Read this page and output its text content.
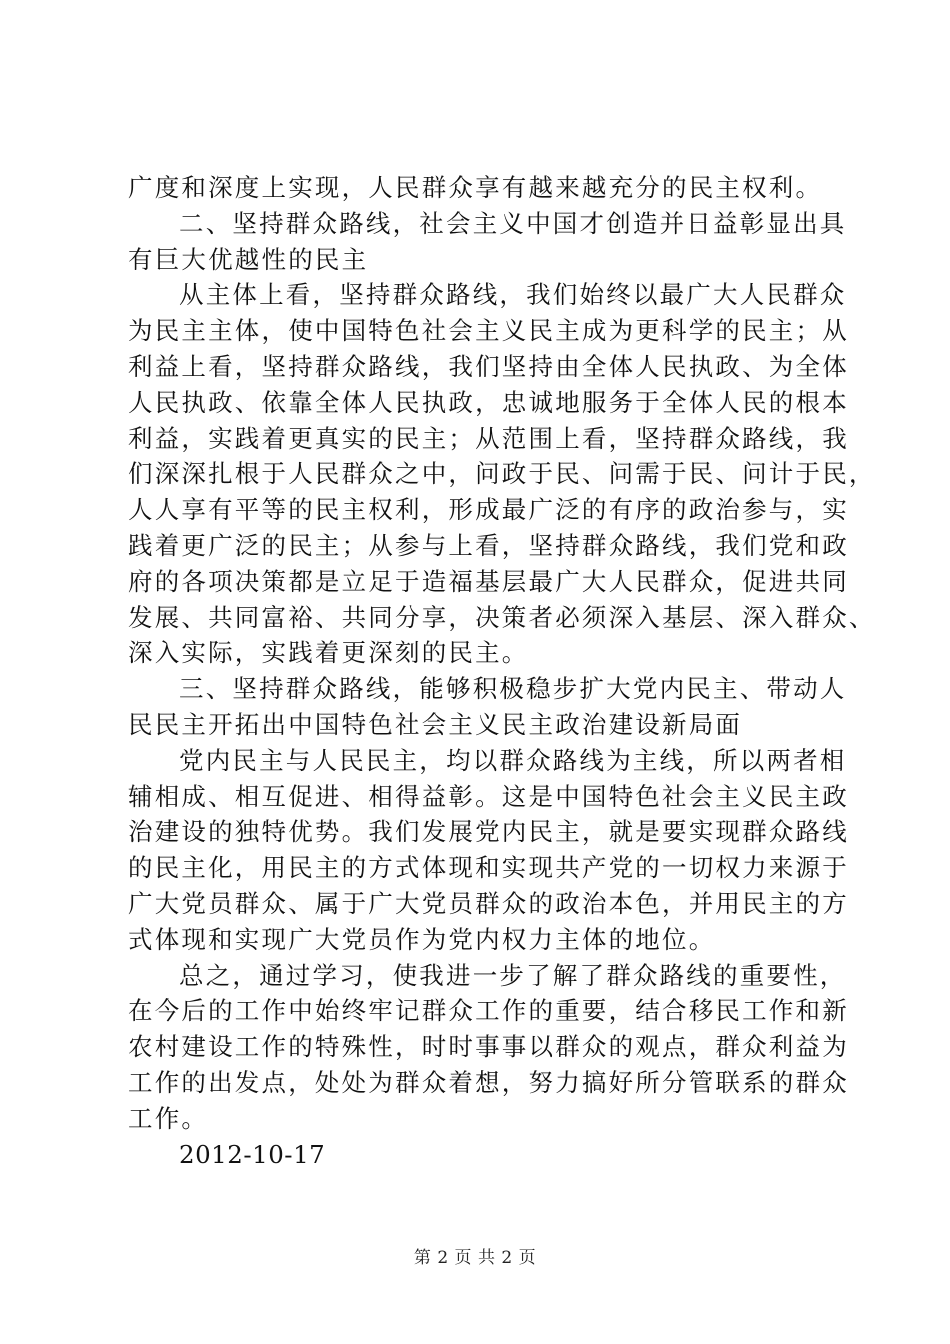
广度和深度上实现，人民群众享有越来越充分的民主权利。
二、坚持群众路线，社会主义中国才创造并日益彰显出具
有巨大优越性的民主
从主体上看，坚持群众路线，我们始终以最广大人民群众
为民主主体，使中国特色社会主义民主成为更科学的民主；从
利益上看，坚持群众路线，我们坚持由全体人民执政、为全体
人民执政、依靠全体人民执政，忠诚地服务于全体人民的根本
利益，实践着更真实的民主；从范围上看，坚持群众路线，我
们深深扎根于人民群众之中，问政于民、问需于民、问计于民，
人人享有平等的民主权利，形成最广泛的有序的政治参与，实
践着更广泛的民主；从参与上看，坚持群众路线，我们党和政
府的各项决策都是立足于造福基层最广大人民群众，促进共同
发展、共同富裕、共同分享，决策者必须深入基层、深入群众、
深入实际，实践着更深刻的民主。
三、坚持群众路线，能够积极稳步扩大党内民主、带动人
民民主开拓出中国特色社会主义民主政治建设新局面
党内民主与人民民主，均以群众路线为主线，所以两者相
辅相成、相互促进、相得益彰。这是中国特色社会主义民主政
治建设的独特优势。我们发展党内民主，就是要实现群众路线
的民主化，用民主的方式体现和实现共产党的一切权力来源于
广大党员群众、属于广大党员群众的政治本色，并用民主的方
式体现和实现广大党员作为党内权力主体的地位。
总之，通过学习，使我进一步了解了群众路线的重要性，
在今后的工作中始终牢记群众工作的重要，结合移民工作和新
农村建设工作的特殊性，时时事事以群众的观点，群众利益为
工作的出发点，处处为群众着想，努力搞好所分管联系的群众
工作。
2012-10-17
第 2 页 共 2 页
